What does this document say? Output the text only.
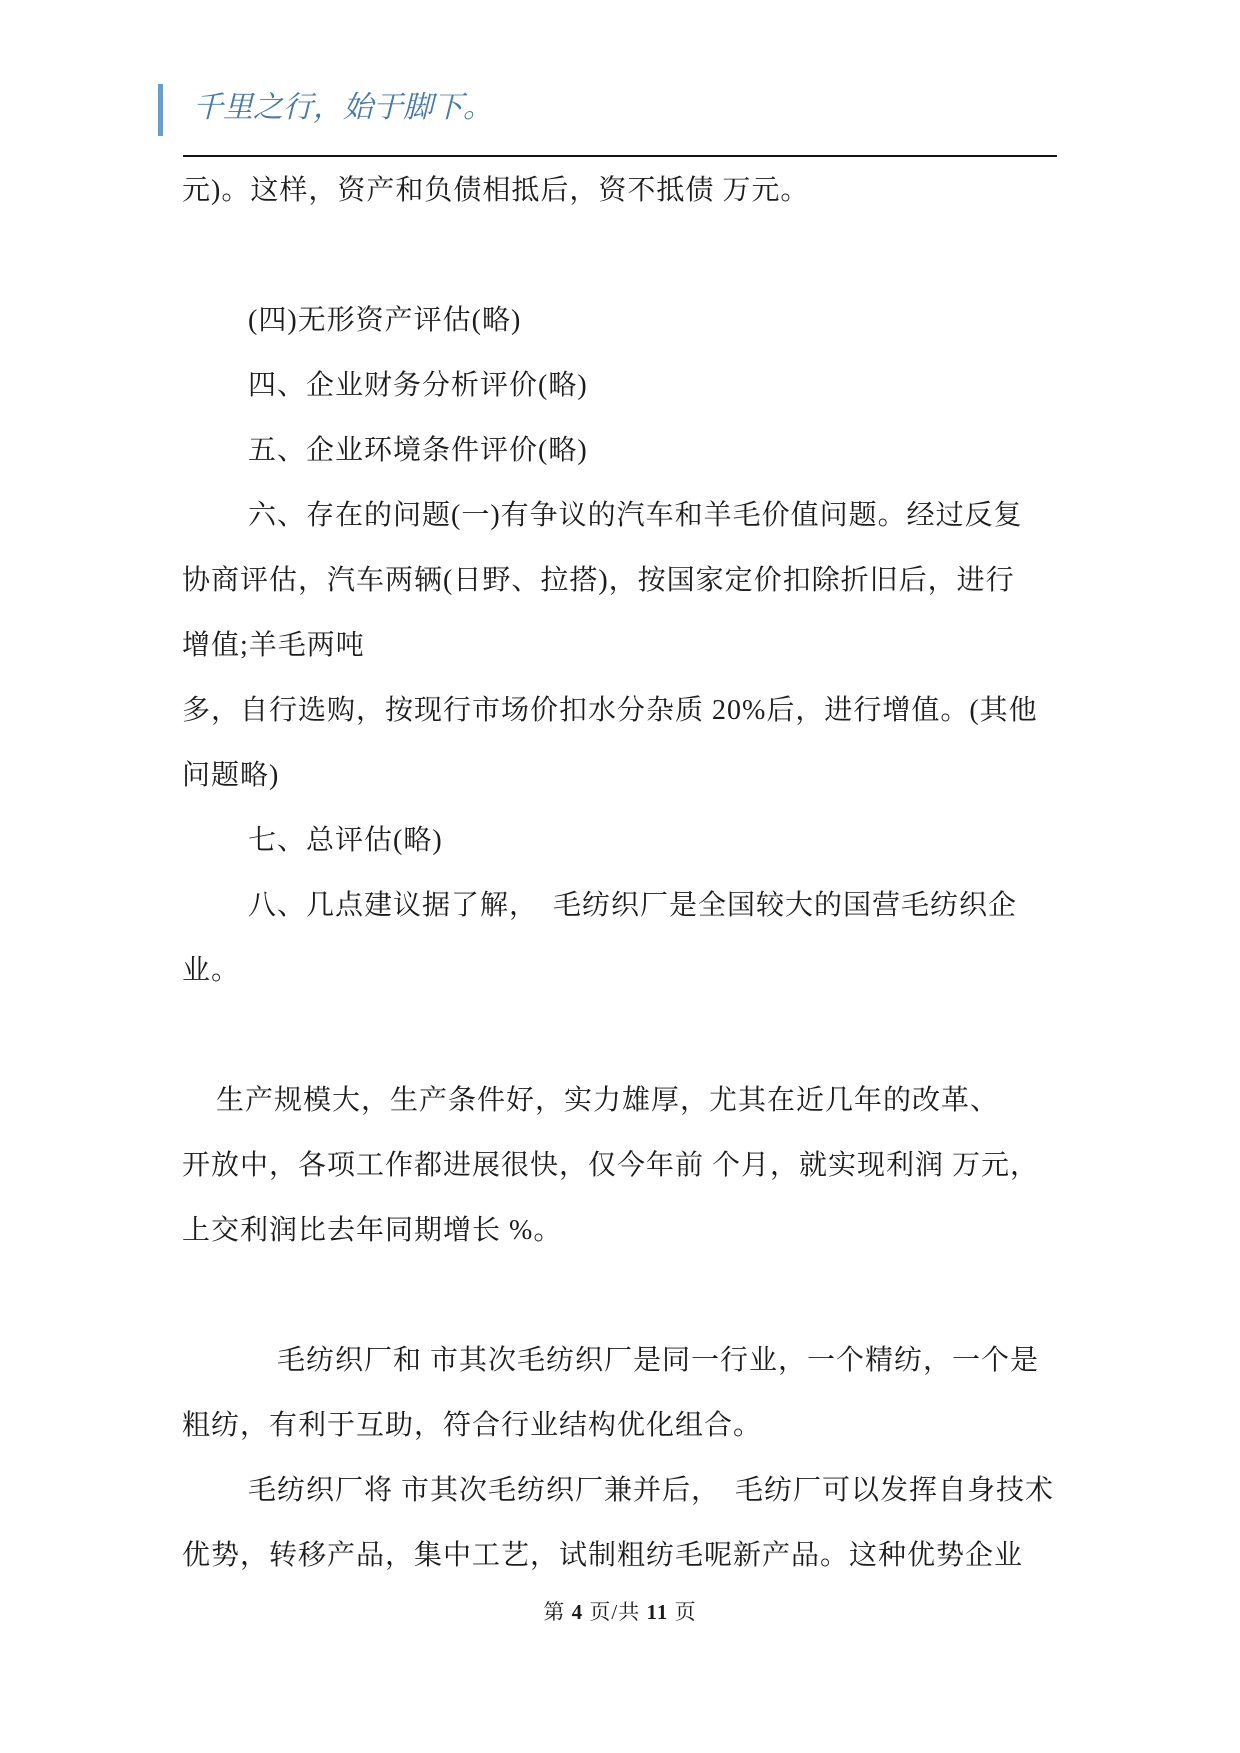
千里之行，始于脚下。
元)。这样，资产和负债相抵后，资不抵债 万元。
(四)无形资产评估(略)
四、企业财务分析评价(略)
五、企业环境条件评价(略)
六、存在的问题(一)有争议的汽车和羊毛价值问题。经过反复
协商评估，汽车两辆(日野、拉搭)，按国家定价扣除折旧后，进行
增值;羊毛两吨
多，自行选购，按现行市场价扣水分杂质 20%后，进行增值。(其他
问题略)
七、总评估(略)
八、几点建议据了解，　毛纺织厂是全国较大的国营毛纺织企
业。
生产规模大，生产条件好，实力雄厚，尤其在近几年的改革、
开放中，各项工作都进展很快，仅今年前 个月，就实现利润 万元，
上交利润比去年同期增长 %。
毛纺织厂和 市其次毛纺织厂是同一行业，一个精纺，一个是
粗纺，有利于互助，符合行业结构优化组合。
毛纺织厂将 市其次毛纺织厂兼并后，　毛纺厂可以发挥自身技术
优势，转移产品，集中工艺，试制粗纺毛呢新产品。这种优势企业
第 4 页/共 11 页
